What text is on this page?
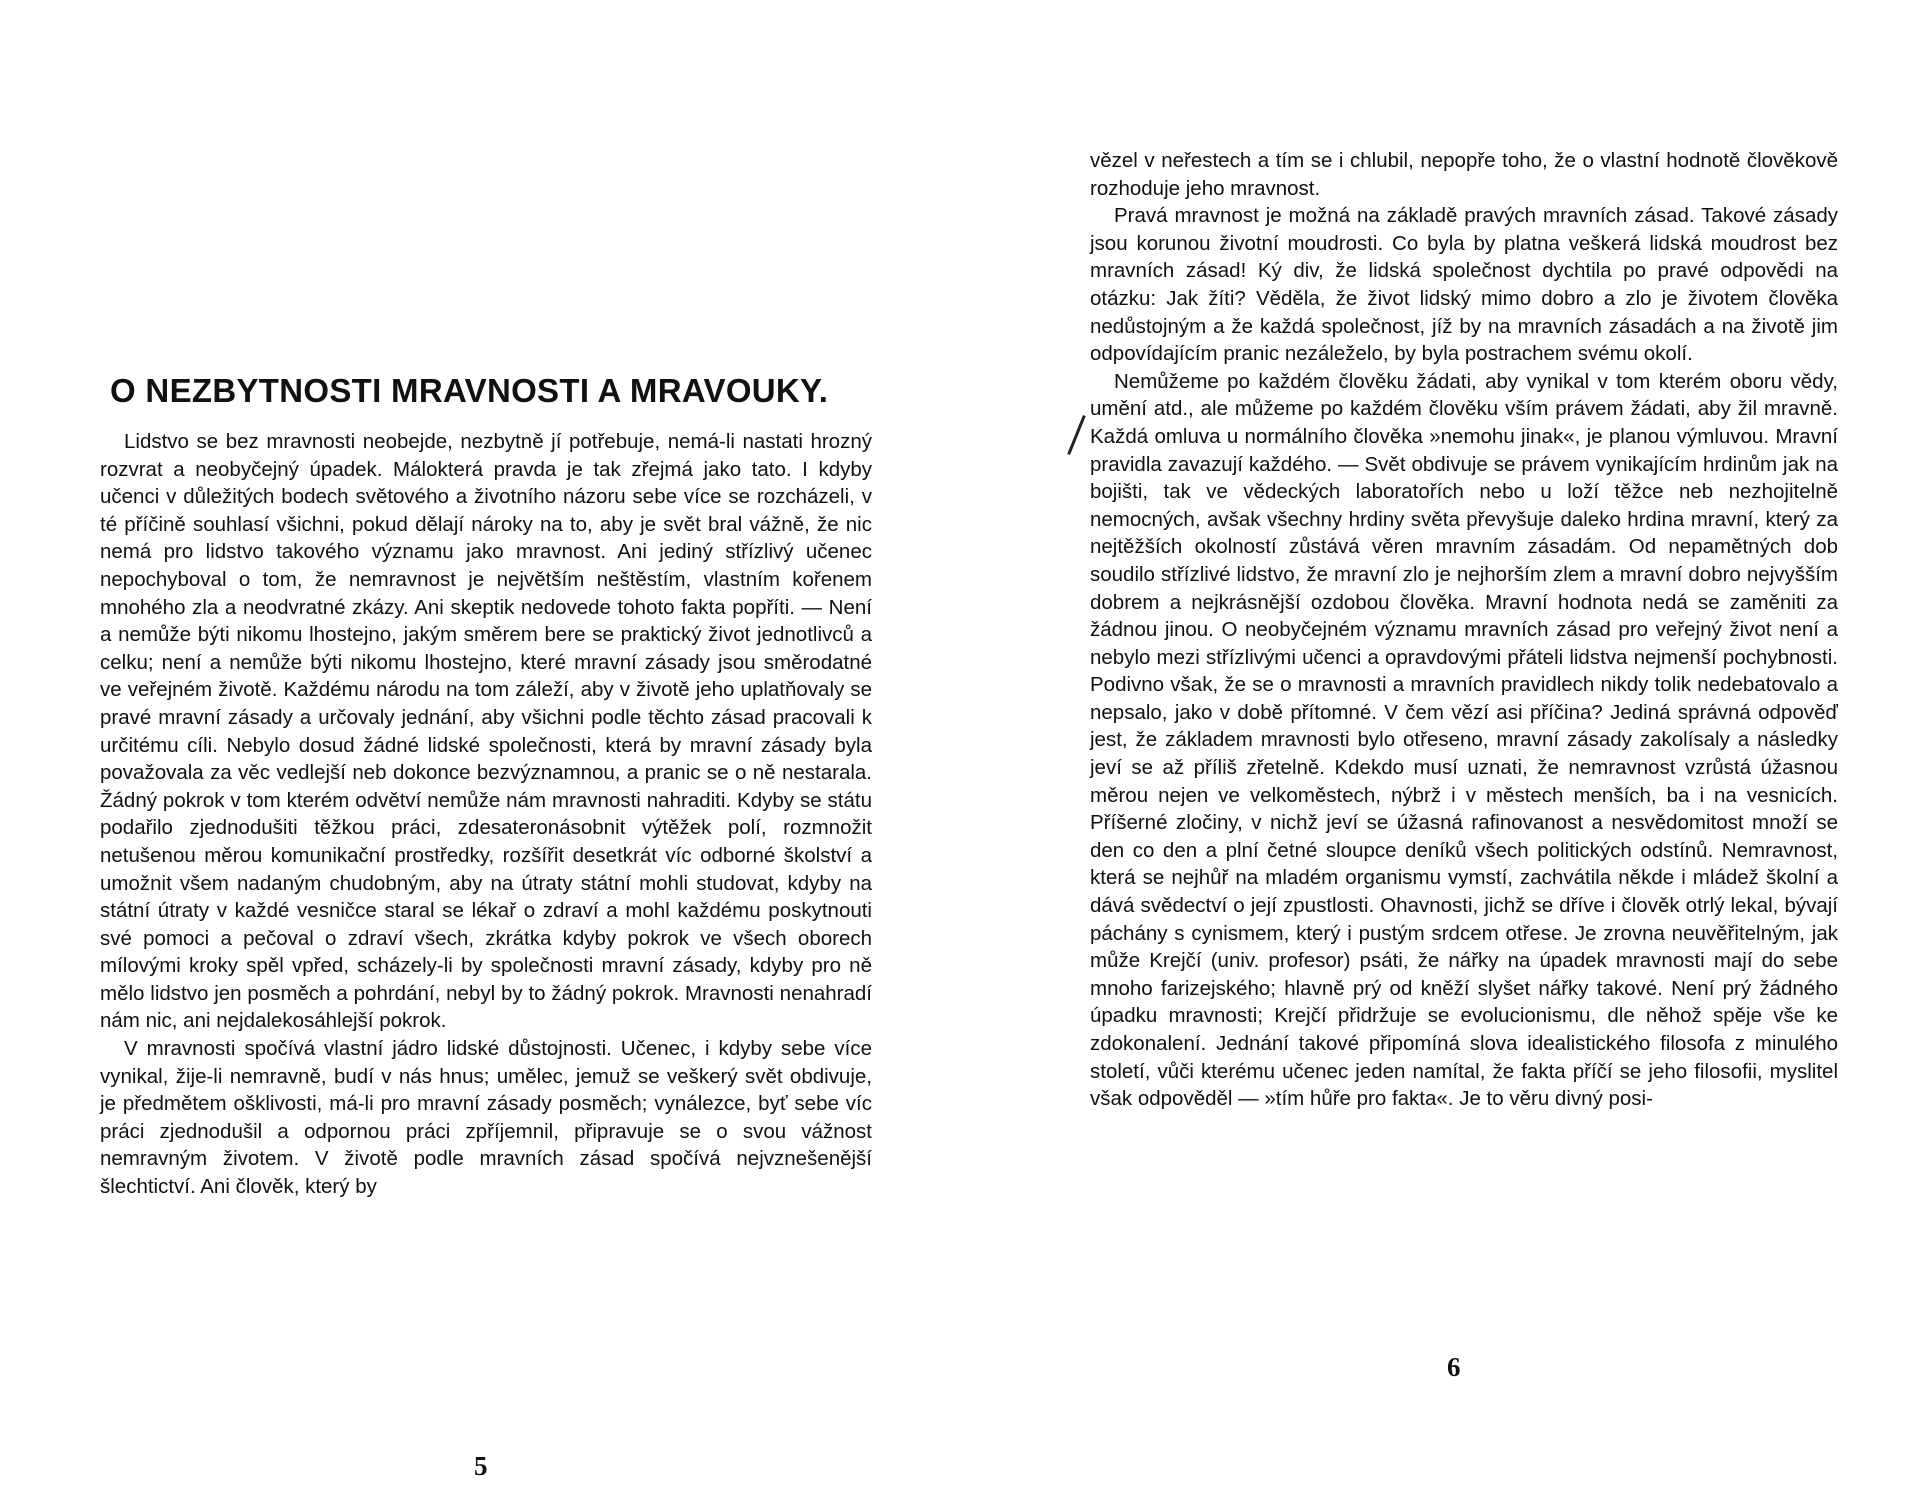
O NEZBYTNOSTI MRAVNOSTI A MRAVOUKY.

Lidstvo se bez mravnosti neobejde, nezbytně jí potřebuje, nemá-li nastati hrozný rozvrat a neobyčejný úpadek. Málokterá pravda je tak zřejmá jako tato. I kdyby učenci v důležitých bodech světového a životního názoru sebe více se rozcházeli, v té příčině souhlasí všichni, pokud dělají nároky na to, aby je svět bral vážně, že nic nemá pro lidstvo takového významu jako mravnost. Ani jediný střízlivý učenec nepochyboval o tom, že nemravnost je největším neštěstím, vlastním kořenem mnohého zla a neodvratné zkázy. Ani skeptik nedovede tohoto fakta popříti. — Není a nemůže býti nikomu lhostejno, jakým směrem bere se praktický život jednotlivců a celku; není a nemůže býti nikomu lhostejno, které mravní zásady jsou směrodatné ve veřejném životě. Každému národu na tom záleží, aby v životě jeho uplatňovaly se pravé mravní zásady a určovaly jednání, aby všichni podle těchto zásad pracovali k určitému cíli. Nebylo dosud žádné lidské společnosti, která by mravní zásady byla považovala za věc vedlejší neb dokonce bezvýznamnou, a pranic se o ně nestarala. Žádný pokrok v tom kterém odvětví nemůže nám mravnosti nahraditi. Kdyby se státu podařilo zjednodušiti těžkou práci, zdesateronásobnit výtěžek polí, rozmnožit netušenou měrou komunikační prostředky, rozšířit desetkrát víc odborné školství a umožnit všem nadaným chudobným, aby na útraty státní mohli studovat, kdyby na státní útraty v každé vesničce staral se lékař o zdraví a mohl každému poskytnouti své pomoci a pečoval o zdraví všech, zkrátka kdyby pokrok ve všech oborech mílovými kroky spěl vpřed, scházely-li by společnosti mravní zásady, kdyby pro ně mělo lidstvo jen posměch a pohrdání, nebyl by to žádný pokrok. Mravnosti nenahradí nám nic, ani nejdalekosáhlejší pokrok.

V mravnosti spočívá vlastní jádro lidské důstojnosti. Učenec, i kdyby sebe více vynikal, žije-li nemravně, budí v nás hnus; umělec, jemuž se veškerý svět obdivuje, je předmětem ošklivosti, má-li pro mravní zásady posměch; vynálezce, byť sebe víc práci zjednodušil a odpornou práci zpříjemnil, připravuje se o svou vážnost nemravným životem. V životě podle mravních zásad spočívá nejvznešenější šlechtictví. Ani člověk, který by

5

vězel v neřestech a tím se i chlubil, nepopře toho, že o vlastní hodnotě člověkově rozhoduje jeho mravnost.

Pravá mravnost je možná na základě pravých mravních zásad. Takové zásady jsou korunou životní moudrosti. Co byla by platna veškerá lidská moudrost bez mravních zásad! Ký div, že lidská společnost dychtila po pravé odpovědi na otázku: Jak žíti? Věděla, že život lidský mimo dobro a zlo je životem člověka nedůstojným a že každá společnost, jíž by na mravních zásadách a na životě jim odpovídajícím pranic nezáleželo, by byla postrachem svému okolí.

Nemůžeme po každém člověku žádati, aby vynikal v tom kterém oboru vědy, umění atd., ale můžeme po každém člověku vším právem žádati, aby žil mravně. Každá omluva u normálního člověka »nemohu jinak«, je planou výmluvou. Mravní pravidla zavazují každého. — Svět obdivuje se právem vynikajícím hrdinům jak na bojišti, tak ve vědeckých laboratořích nebo u loží těžce neb nezhojitelně nemocných, avšak všechny hrdiny světa převyšuje daleko hrdina mravní, který za nejtěžších okolností zůstává věren mravním zásadám. Od nepamětných dob soudilo střízlivé lidstvo, že mravní zlo je nejhorším zlem a mravní dobro nejvyšším dobrem a nejkrásnější ozdobou člověka. Mravní hodnota nedá se zaměniti za žádnou jinou. O neobyčejném významu mravních zásad pro veřejný život není a nebylo mezi střízlivými učenci a opravdovými přáteli lidstva nejmenší pochybnosti. Podivno však, že se o mravnosti a mravních pravidlech nikdy tolik nedebatovalo a nepsalo, jako v době přítomné. V čem vězí asi příčina? Jediná správná odpověď jest, že základem mravnosti bylo otřeseno, mravní zásady zakolísaly a následky jeví se až příliš zřetelně. Kdekdo musí uznati, že nemravnost vzrůstá úžasnou měrou nejen ve velkoměstech, nýbrž i v městech menších, ba i na vesnicích. Příšerné zločiny, v nichž jeví se úžasná rafinovanost a nesvědomitost množí se den co den a plní četné sloupce deníků všech politických odstínů. Nemravnost, která se nejhůř na mladém organismu vymstí, zachvátila někde i mládež školní a dává svědectví o její zpustlosti. Ohavnosti, jichž se dříve i člověk otrlý lekal, bývají páchány s cynismem, který i pustým srdcem otřese. Je zrovna neuvěřitelným, jak může Krejčí (univ. profesor) psáti, že nářky na úpadek mravnosti mají do sebe mnoho farizejského; hlavně prý od kněží slyšet nářky takové. Není prý žádného úpadku mravnosti; Krejčí přidržuje se evolucionismu, dle něhož spěje vše ke zdokonalení. Jednání takové připomíná slova idealistického filosofa z minulého století, vůči kterému učenec jeden namítal, že fakta příčí se jeho filosofii, myslitel však odpověděl — »tím hůře pro fakta«. Je to věru divný posi-

6
